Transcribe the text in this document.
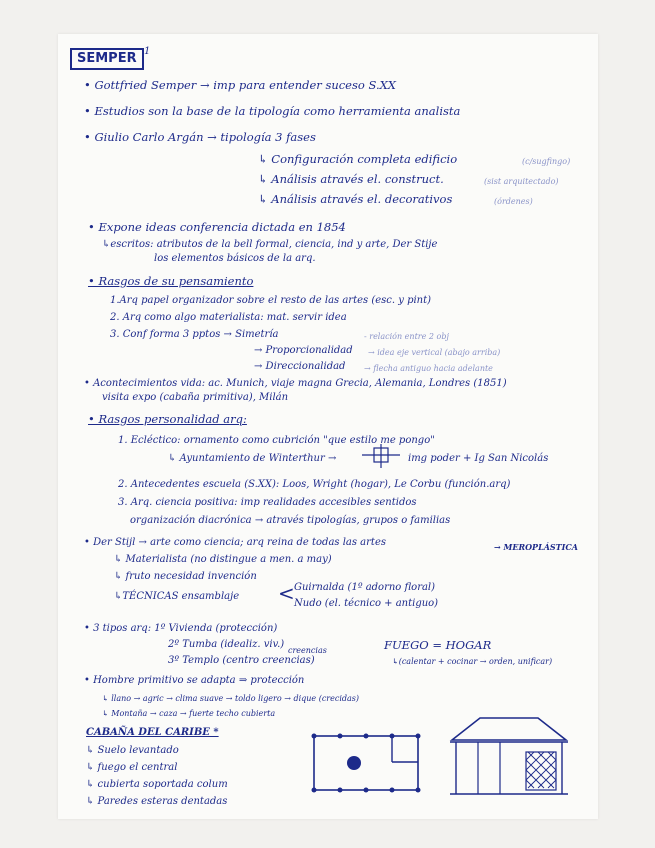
SEMPER 1
• Gottfried Semper → imp para entender suceso S.XX
• Estudios son la base de la tipología como herramienta analista
• Giulio Carlo Argán → tipología 3 fases
↳ Configuración completa edificio	(c/sugfingo)
↳ Análisis através el. construct.	(sist arquitectado)
↳ Análisis através el. decorativos	(órdenes)
• Expone ideas conferencia dictada en 1854
↳escritos: atributos de la bell formal, ciencia, ind y arte, Der Stije
los elementos básicos de la arq.
• Rasgos de su pensamiento
1.Arq papel organizador sobre el resto de las artes (esc. y pint)
2. Arq como algo materialista: mat. servir idea
3. Conf forma 3 pptos → Simetría	- relación entre 2 obj
→ Proporcionalidad → idea eje vertical (abajo arriba)
→ Direccionalidad → flecha antiguo hacia adelante
• Acontecimientos vida: ac. Munich, viaje magna Grecia, Alemania, Londres (1851)
visita expo (cabaña primitiva), Milán
• Rasgos personalidad arq:
1. Ecléctico: ornamento como cubrición "que estilo me pongo"
↳ Ayuntamiento de Winterthur →	img poder + Ig San Nicolás
2. Antecedentes escuela (S.XX): Loos, Wright (hogar), Le Corbu (función.arq)
3. Arq. ciencia positiva: imp realidades accesibles sentidos
organización diacrónica → através tipologías, grupos o familias
• Der Stijl → arte como ciencia; arq reina de todas las artes	→ MEROPLÁSTICA
↳ Materialista (no distingue a men. a may)
↳ fruto necesidad invención
↳TÉCNICAS ensamblaje < Guirnalda (1º adorno floral)
Nudo (el. técnico + antiguo)
• 3 tipos arq: 1º Vivienda (protección)
2º Tumba (idealiz. viv.)
3º Templo (centro creencias)
creencias	FUEGO = HOGAR
↳(calentar + cocinar → orden, unificar)
• Hombre primitivo se adapta ⇒ protección
↳ llano → agric → clima suave → toldo ligero → dique (crecidas)
↳ Montaña → caza → fuerte techo cubierta
CABAÑA DEL CARIBE *
↳ Suelo levantado
↳ fuego el central
↳ cubierta soportada colum
↳ Paredes esteras dentadas
